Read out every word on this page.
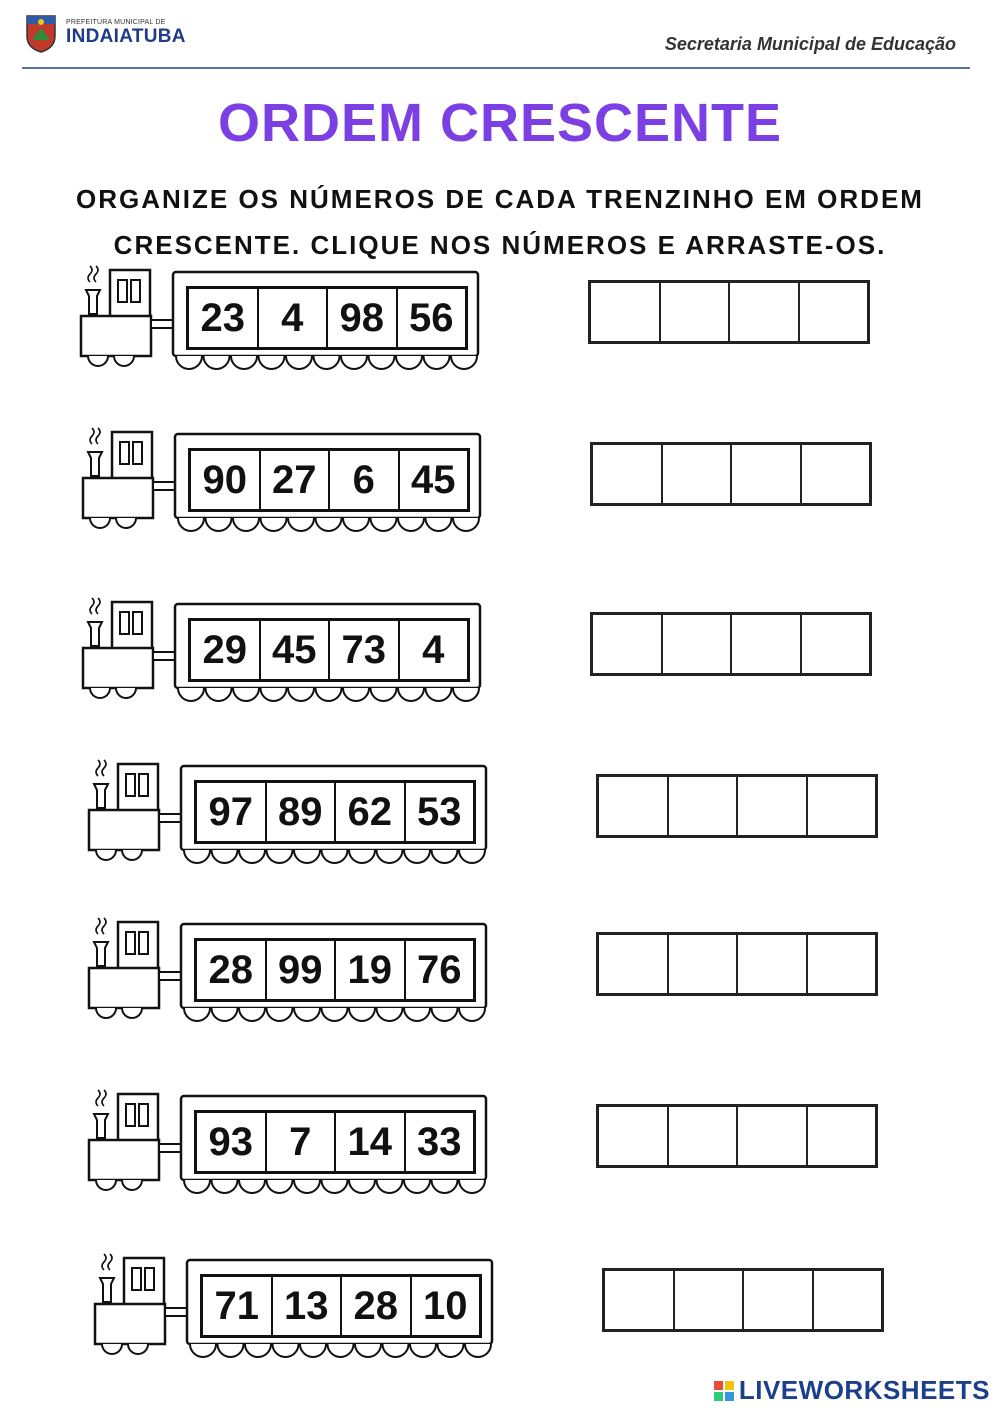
PREFEITURA MUNICIPAL DE
INDAIATUBA	Secretaria Municipal de Educação
ORDEM CRESCENTE
ORGANIZE OS NÚMEROS DE CADA TRENZINHO EM ORDEM
CRESCENTE. CLIQUE NOS NÚMEROS E ARRASTE-OS.
23 4 98 56
90 27 6 45
29 45 73 4
97 89 62 53
28 99 19 76
93 7 14 33
71 13 28 10
LIVEWORKSHEETS
